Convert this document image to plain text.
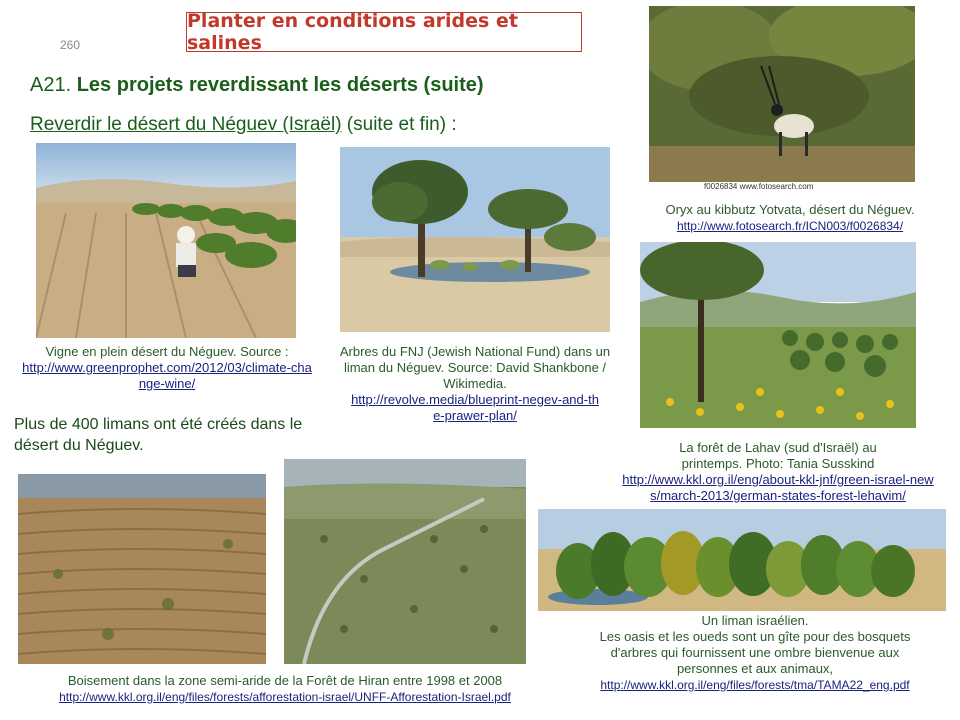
Planter en conditions arides et salines
260
A21. Les projets reverdissant les déserts (suite)
Reverdir le désert du Néguev (Israël) (suite et fin) :
Vigne en plein désert du Néguev. Source :
http://www.greenprophet.com/2012/03/climate-change-wine/
Arbres du FNJ (Jewish National Fund) dans un liman du Néguev. Source: David Shankbone / Wikimedia.
http://revolve.media/blueprint-negev-and-the-prawer-plan/
f0026834 www.fotosearch.com
Oryx au kibbutz Yotvata, désert du Néguev.
http://www.fotosearch.fr/ICN003/f0026834/
La forêt de Lahav (sud d'Israël) au printemps. Photo: Tania Susskind
http://www.kkl.org.il/eng/about-kkl-jnf/green-israel-news/march-2013/german-states-forest-lehavim/
Un liman israélien.
Les oasis et les oueds sont un gîte pour des bosquets d'arbres qui fournissent une ombre bienvenue aux personnes et aux animaux,
http://www.kkl.org.il/eng/files/forests/tma/TAMA22_eng.pdf
Plus de 400 limans ont été créés dans le désert du Néguev.
Boisement dans la zone semi-aride de la Forêt de Hiran entre 1998 et 2008
http://www.kkl.org.il/eng/files/forests/afforestation-israel/UNFF-Afforestation-Israel.pdf
